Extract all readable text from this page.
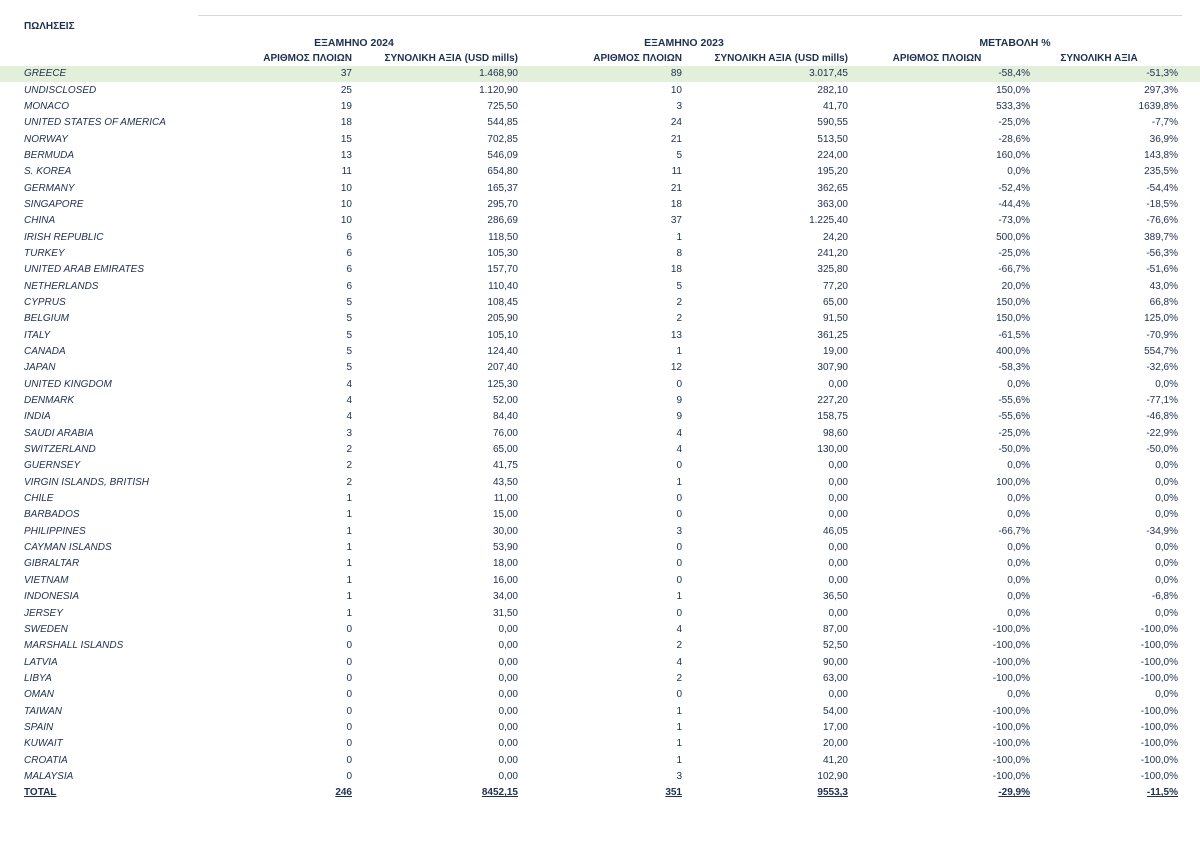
ΠΩΛΗΣΕΙΣ
ΕΞΑΜΗΝΟ 2024	ΕΞΑΜΗΝΟ 2023	ΜΕΤΑΒΟΛΗ %
ΑΡΙΘΜΟΣ ΠΛΟΙΩΝ	ΣΥΝΟΛΙΚΗ ΑΞΙΑ (USD mills)	ΑΡΙΘΜΟΣ ΠΛΟΙΩΝ	ΣΥΝΟΛΙΚΗ ΑΞΙΑ (USD mills)	ΑΡΙΘΜΟΣ ΠΛΟΙΩΝ	ΣΥΝΟΛΙΚΗ ΑΞΙΑ
GREECE	37	1.468,90	89	3.017,45	-58,4%	-51,3%	
UNDISCLOSED	25	1.120,90	10	282,10	150,0%	297,3%	
MONACO	19	725,50	3	41,70	533,3%	1639,8%	
UNITED STATES OF AMERICA	18	544,85	24	590,55	-25,0%	-7,7%	
NORWAY	15	702,85	21	513,50	-28,6%	36,9%	
BERMUDA	13	546,09	5	224,00	160,0%	143,8%	
S. KOREA	11	654,80	11	195,20	0,0%	235,5%	
GERMANY	10	165,37	21	362,65	-52,4%	-54,4%	
SINGAPORE	10	295,70	18	363,00	-44,4%	-18,5%	
CHINA	10	286,69	37	1.225,40	-73,0%	-76,6%	
IRISH REPUBLIC	6	118,50	1	24,20	500,0%	389,7%	
TURKEY	6	105,30	8	241,20	-25,0%	-56,3%	
UNITED ARAB EMIRATES	6	157,70	18	325,80	-66,7%	-51,6%	
NETHERLANDS	6	110,40	5	77,20	20,0%	43,0%	
CYPRUS	5	108,45	2	65,00	150,0%	66,8%	
BELGIUM	5	205,90	2	91,50	150,0%	125,0%	
ITALY	5	105,10	13	361,25	-61,5%	-70,9%	
CANADA	5	124,40	1	19,00	400,0%	554,7%	
JAPAN	5	207,40	12	307,90	-58,3%	-32,6%	
UNITED KINGDOM	4	125,30	0	0,00	0,0%	0,0%	
DENMARK	4	52,00	9	227,20	-55,6%	-77,1%	
INDIA	4	84,40	9	158,75	-55,6%	-46,8%	
SAUDI ARABIA	3	76,00	4	98,60	-25,0%	-22,9%	
SWITZERLAND	2	65,00	4	130,00	-50,0%	-50,0%	
GUERNSEY	2	41,75	0	0,00	0,0%	0,0%	
VIRGIN ISLANDS, BRITISH	2	43,50	1	0,00	100,0%	0,0%	
CHILE	1	11,00	0	0,00	0,0%	0,0%	
BARBADOS	1	15,00	0	0,00	0,0%	0,0%	
PHILIPPINES	1	30,00	3	46,05	-66,7%	-34,9%	
CAYMAN ISLANDS	1	53,90	0	0,00	0,0%	0,0%	
GIBRALTAR	1	18,00	0	0,00	0,0%	0,0%	
VIETNAM	1	16,00	0	0,00	0,0%	0,0%	
INDONESIA	1	34,00	1	36,50	0,0%	-6,8%	
JERSEY	1	31,50	0	0,00	0,0%	0,0%	
SWEDEN	0	0,00	4	87,00	-100,0%	-100,0%	
MARSHALL ISLANDS	0	0,00	2	52,50	-100,0%	-100,0%	
LATVIA	0	0,00	4	90,00	-100,0%	-100,0%	
LIBYA	0	0,00	2	63,00	-100,0%	-100,0%	
OMAN	0	0,00	0	0,00	0,0%	0,0%	
TAIWAN	0	0,00	1	54,00	-100,0%	-100,0%	
SPAIN	0	0,00	1	17,00	-100,0%	-100,0%	
KUWAIT	0	0,00	1	20,00	-100,0%	-100,0%	
CROATIA	0	0,00	1	41,20	-100,0%	-100,0%	
MALAYSIA	0	0,00	3	102,90	-100,0%	-100,0%	
TOTAL	246	8452,15	351	9553,3	-29,9%	-11,5%	
